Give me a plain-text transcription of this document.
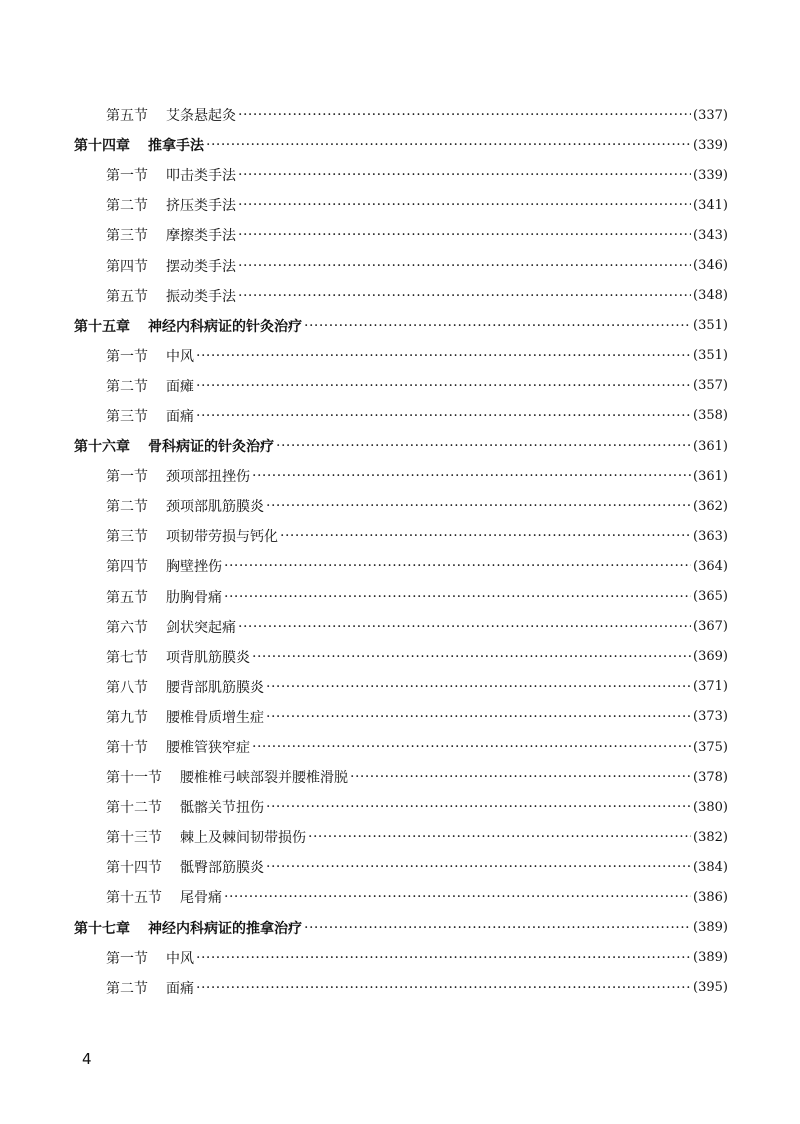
第五节 艾条悬起灸 ·····	(337)
第十四章 推拿手法 ·····	(339)
第一节 叩击类手法 ·····	(339)
第二节 挤压类手法 ·····	(341)
第三节 摩擦类手法 ·····	(343)
第四节 摆动类手法 ·····	(346)
第五节 振动类手法 ·····	(348)
第十五章 神经内科病证的针灸治疗 ·····	(351)
第一节 中风 ·····	(351)
第二节 面瘫 ·····	(357)
第三节 面痛 ·····	(358)
第十六章 骨科病证的针灸治疗 ·····	(361)
第一节 颈项部扭挫伤 ·····	(361)
第二节 颈项部肌筋膜炎 ·····	(362)
第三节 项韧带劳损与钙化 ·····	(363)
第四节 胸壁挫伤 ·····	(364)
第五节 肋胸骨痛 ·····	(365)
第六节 剑状突起痛 ·····	(367)
第七节 项背肌筋膜炎 ·····	(369)
第八节 腰背部肌筋膜炎 ·····	(371)
第九节 腰椎骨质增生症 ·····	(373)
第十节 腰椎管狭窄症 ·····	(375)
第十一节 腰椎椎弓峡部裂并腰椎滑脱 ·····	(378)
第十二节 骶髂关节扭伤 ·····	(380)
第十三节 棘上及棘间韧带损伤 ·····	(382)
第十四节 骶臀部筋膜炎 ·····	(384)
第十五节 尾骨痛 ·····	(386)
第十七章 神经内科病证的推拿治疗 ·····	(389)
第一节 中风 ·····	(389)
第二节 面痛 ·····	(395)
4
